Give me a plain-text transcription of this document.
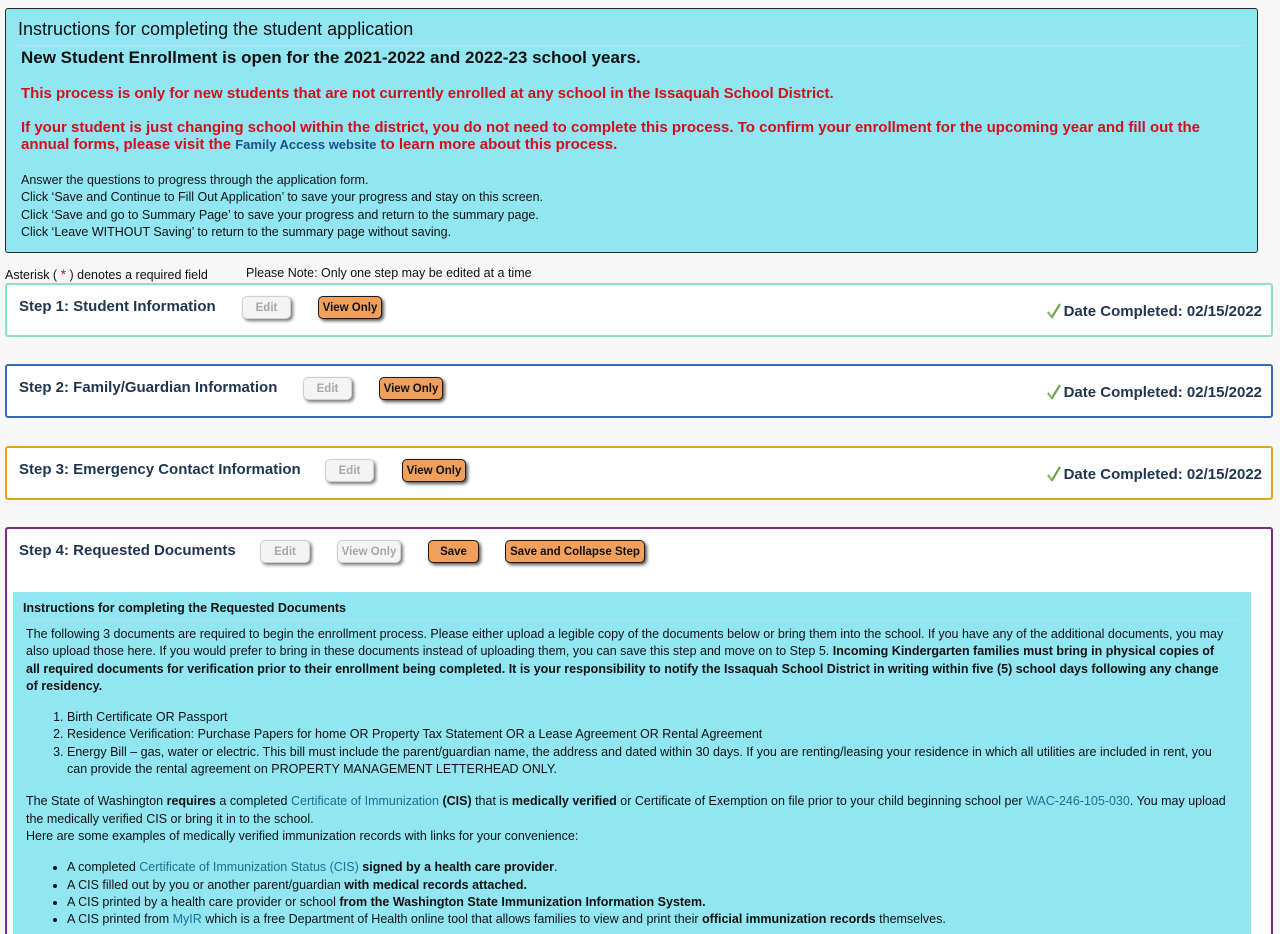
Instructions for completing the student application
New Student Enrollment is open for the 2021-2022 and 2022-23 school years.
This process is only for new students that are not currently enrolled at any school in the Issaquah School District.
If your student is just changing school within the district, you do not need to complete this process. To confirm your enrollment for the upcoming year and fill out the annual forms, please visit the Family Access website to learn more about this process.
Answer the questions to progress through the application form.
Click ‘Save and Continue to Fill Out Application’ to save your progress and stay on this screen.
Click ‘Save and go to Summary Page’ to save your progress and return to the summary page.
Click ‘Leave WITHOUT Saving’ to return to the summary page without saving.
Asterisk ( * ) denotes a required field	Please Note: Only one step may be edited at a time
Step 1: Student Information	Edit	View Only	Date Completed: 02/15/2022
Step 2: Family/Guardian Information	Edit	View Only	Date Completed: 02/15/2022
Step 3: Emergency Contact Information	Edit	View Only	Date Completed: 02/15/2022
Step 4: Requested Documents	Edit	View Only	Save	Save and Collapse Step
Instructions for completing the Requested Documents

The following 3 documents are required to begin the enrollment process. Please either upload a legible copy of the documents below or bring them into the school. If you have any of the additional documents, you may also upload those here. If you would prefer to bring in these documents instead of uploading them, you can save this step and move on to Step 5. Incoming Kindergarten families must bring in physical copies of all required documents for verification prior to their enrollment being completed. It is your responsibility to notify the Issaquah School District in writing within five (5) school days following any change of residency.

1. Birth Certificate OR Passport
2. Residence Verification: Purchase Papers for home OR Property Tax Statement OR a Lease Agreement OR Rental Agreement
3. Energy Bill – gas, water or electric. This bill must include the parent/guardian name, the address and dated within 30 days. If you are renting/leasing your residence in which all utilities are included in rent, you can provide the rental agreement on PROPERTY MANAGEMENT LETTERHEAD ONLY.

The State of Washington requires a completed Certificate of Immunization (CIS) that is medically verified or Certificate of Exemption on file prior to your child beginning school per WAC-246-105-030. You may upload the medically verified CIS or bring it in to the school.

Here are some examples of medically verified immunization records with links for your convenience:

• A completed Certificate of Immunization Status (CIS) signed by a health care provider.
• A CIS filled out by you or another parent/guardian with medical records attached.
• A CIS printed by a health care provider or school from the Washington State Immunization Information System.
• A CIS printed from MyIR which is a free Department of Health online tool that allows families to view and print their official immunization records themselves.
